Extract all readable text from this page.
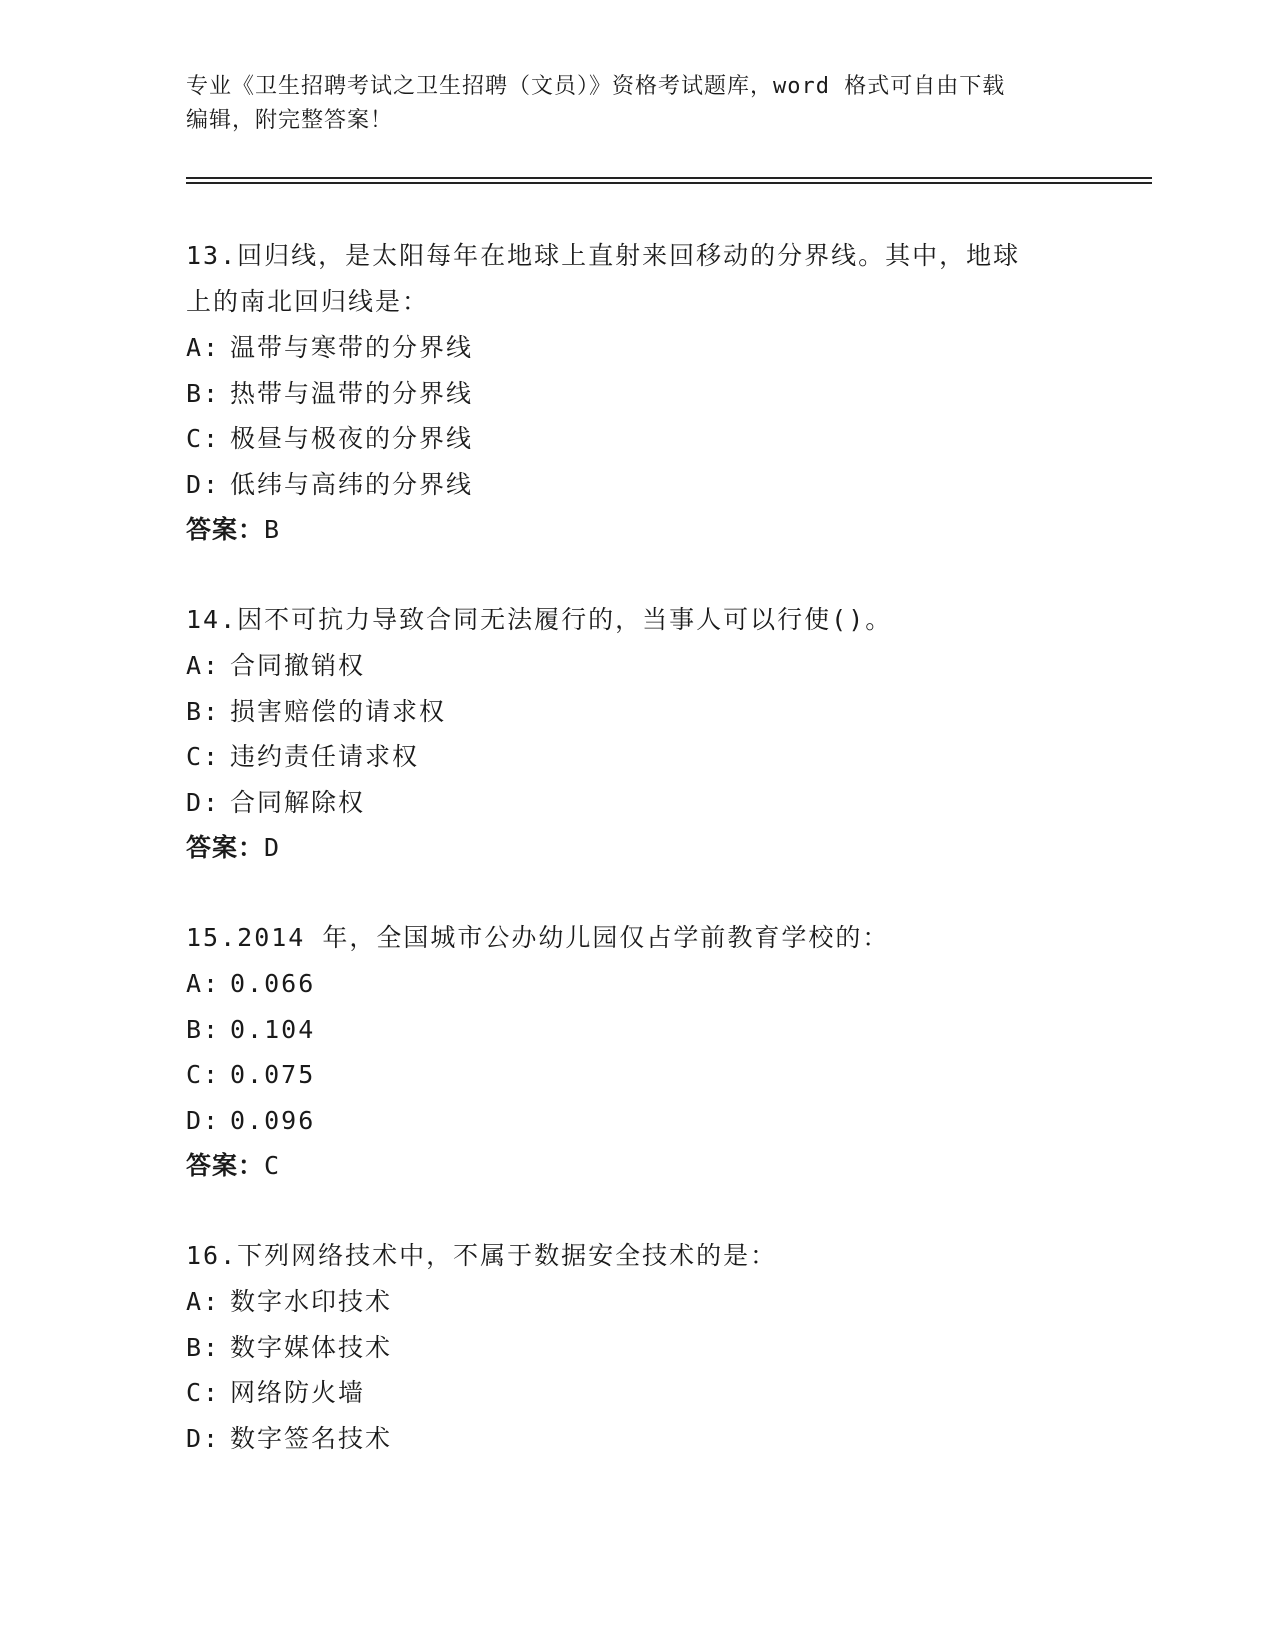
专业《卫生招聘考试之卫生招聘（文员）》资格考试题库，word 格式可自由下载
编辑，附完整答案！

13.回归线，是太阳每年在地球上直射来回移动的分界线。其中，地球

上的南北回归线是：

A: 温带与寒带的分界线

B: 热带与温带的分界线

C: 极昼与极夜的分界线

D: 低纬与高纬的分界线

答案：B

14.因不可抗力导致合同无法履行的，当事人可以行使()。

A: 合同撤销权

B: 损害赔偿的请求权

C: 违约责任请求权

D: 合同解除权

答案：D

15.2014 年，全国城市公办幼儿园仅占学前教育学校的：

A: 0.066

B: 0.104

C: 0.075

D: 0.096

答案：C

16.下列网络技术中，不属于数据安全技术的是：

A: 数字水印技术

B: 数字媒体技术

C: 网络防火墙

D: 数字签名技术
